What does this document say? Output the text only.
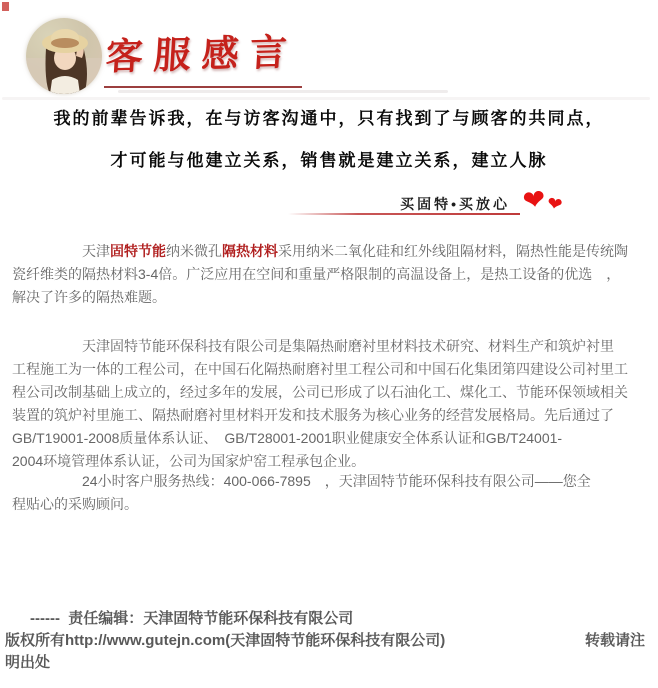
客服感言
我的前辈告诉我，在与访客沟通中，只有找到了与顾客的共同点，
才可能与他建立关系，销售就是建立关系，建立人脉
买固特•买放心 ❤
❤
天津固特节能纳米微孔隔热材料采用纳米二氧化硅和红外线阻隔材料，隔热性能是传统陶
瓷纤维类的隔热材料3-4倍。广泛应用在空间和重量严格限制的高温设备上，是热工设备的优选　，
解决了许多的隔热难题。
天津固特节能环保科技有限公司是集隔热耐磨衬里材料技术研究、材料生产和筑炉衬里
工程施工为一体的工程公司，在中国石化隔热耐磨衬里工程公司和中国石化集团第四建设公司衬里工
程公司改制基础上成立的，经过多年的发展，公司已形成了以石油化工、煤化工、节能环保领域相关
装置的筑炉衬里施工、隔热耐磨衬里材料开发和技术服务为核心业务的经营发展格局。先后通过了
GB/T19001-2008质量体系认证、　GB/T28001-2001职业健康安全体系认证和GB/T24001-
2004环境管理体系认证，公司为国家炉窑工程承包企业。
24小时客户服务热线：400-066-7895　，天津固特节能环保科技有限公司——您全
程贴心的采购顾问。
------  责任编辑：天津固特节能环保科技有限公司
版权所有http://www.gutejn.com(天津固特节能环保科技有限公司)	转载请注
明出处
